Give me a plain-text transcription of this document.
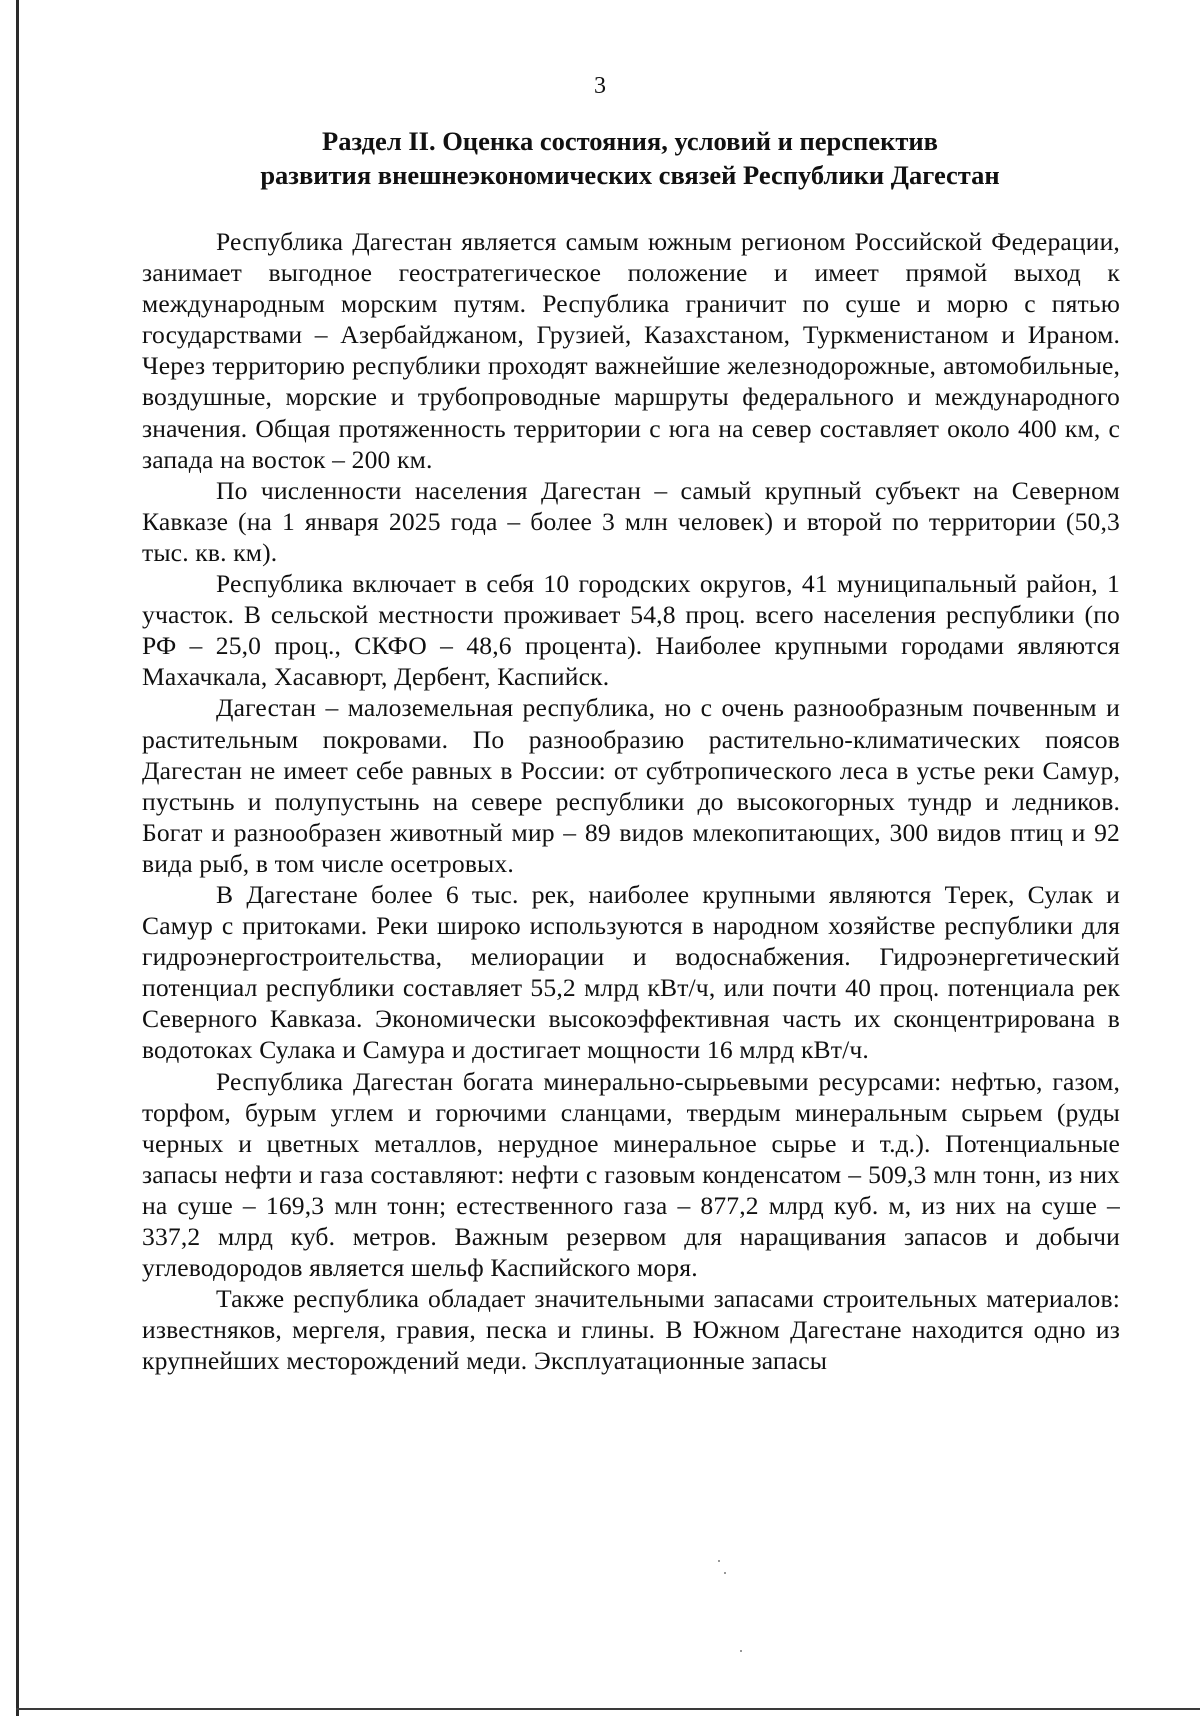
3
Раздел II. Оценка состояния, условий и перспектив
развития внешнеэкономических связей Республики Дагестан

Республика Дагестан является самым южным регионом Российской Федерации, занимает выгодное геостратегическое положение и имеет прямой выход к международным морским путям. Республика граничит по суше и морю с пятью государствами – Азербайджаном, Грузией, Казахстаном, Туркменистаном и Ираном. Через территорию республики проходят важнейшие железнодорожные, автомобильные, воздушные, морские и трубопроводные маршруты федерального и международного значения. Общая протяженность территории с юга на север составляет около 400 км, с запада на восток – 200 км.

По численности населения Дагестан – самый крупный субъект на Северном Кавказе (на 1 января 2025 года – более 3 млн человек) и второй по территории (50,3 тыс. кв. км).

Республика включает в себя 10 городских округов, 41 муниципальный район, 1 участок. В сельской местности проживает 54,8 проц. всего населения республики (по РФ – 25,0 проц., СКФО – 48,6 процента). Наиболее крупными городами являются Махачкала, Хасавюрт, Дербент, Каспийск.

Дагестан – малоземельная республика, но с очень разнообразным почвенным и растительным покровами. По разнообразию растительно-климатических поясов Дагестан не имеет себе равных в России: от субтропического леса в устье реки Самур, пустынь и полупустынь на севере республики до высокогорных тундр и ледников. Богат и разнообразен животный мир – 89 видов млекопитающих, 300 видов птиц и 92 вида рыб, в том числе осетровых.

В Дагестане более 6 тыс. рек, наиболее крупными являются Терек, Сулак и Самур с притоками. Реки широко используются в народном хозяйстве республики для гидроэнергостроительства, мелиорации и водоснабжения. Гидроэнергетический потенциал республики составляет 55,2 млрд кВт/ч, или почти 40 проц. потенциала рек Северного Кавказа. Экономически высокоэффективная часть их сконцентрирована в водотоках Сулака и Самура и достигает мощности 16 млрд кВт/ч.

Республика Дагестан богата минерально-сырьевыми ресурсами: нефтью, газом, торфом, бурым углем и горючими сланцами, твердым минеральным сырьем (руды черных и цветных металлов, нерудное минеральное сырье и т.д.). Потенциальные запасы нефти и газа составляют: нефти с газовым конденсатом – 509,3 млн тонн, из них на суше – 169,3 млн тонн; естественного газа – 877,2 млрд куб. м, из них на суше – 337,2 млрд куб. метров. Важным резервом для наращивания запасов и добычи углеводородов является шельф Каспийского моря.

Также республика обладает значительными запасами строительных материалов: известняков, мергеля, гравия, песка и глины. В Южном Дагестане находится одно из крупнейших месторождений меди. Эксплуатационные запасы
